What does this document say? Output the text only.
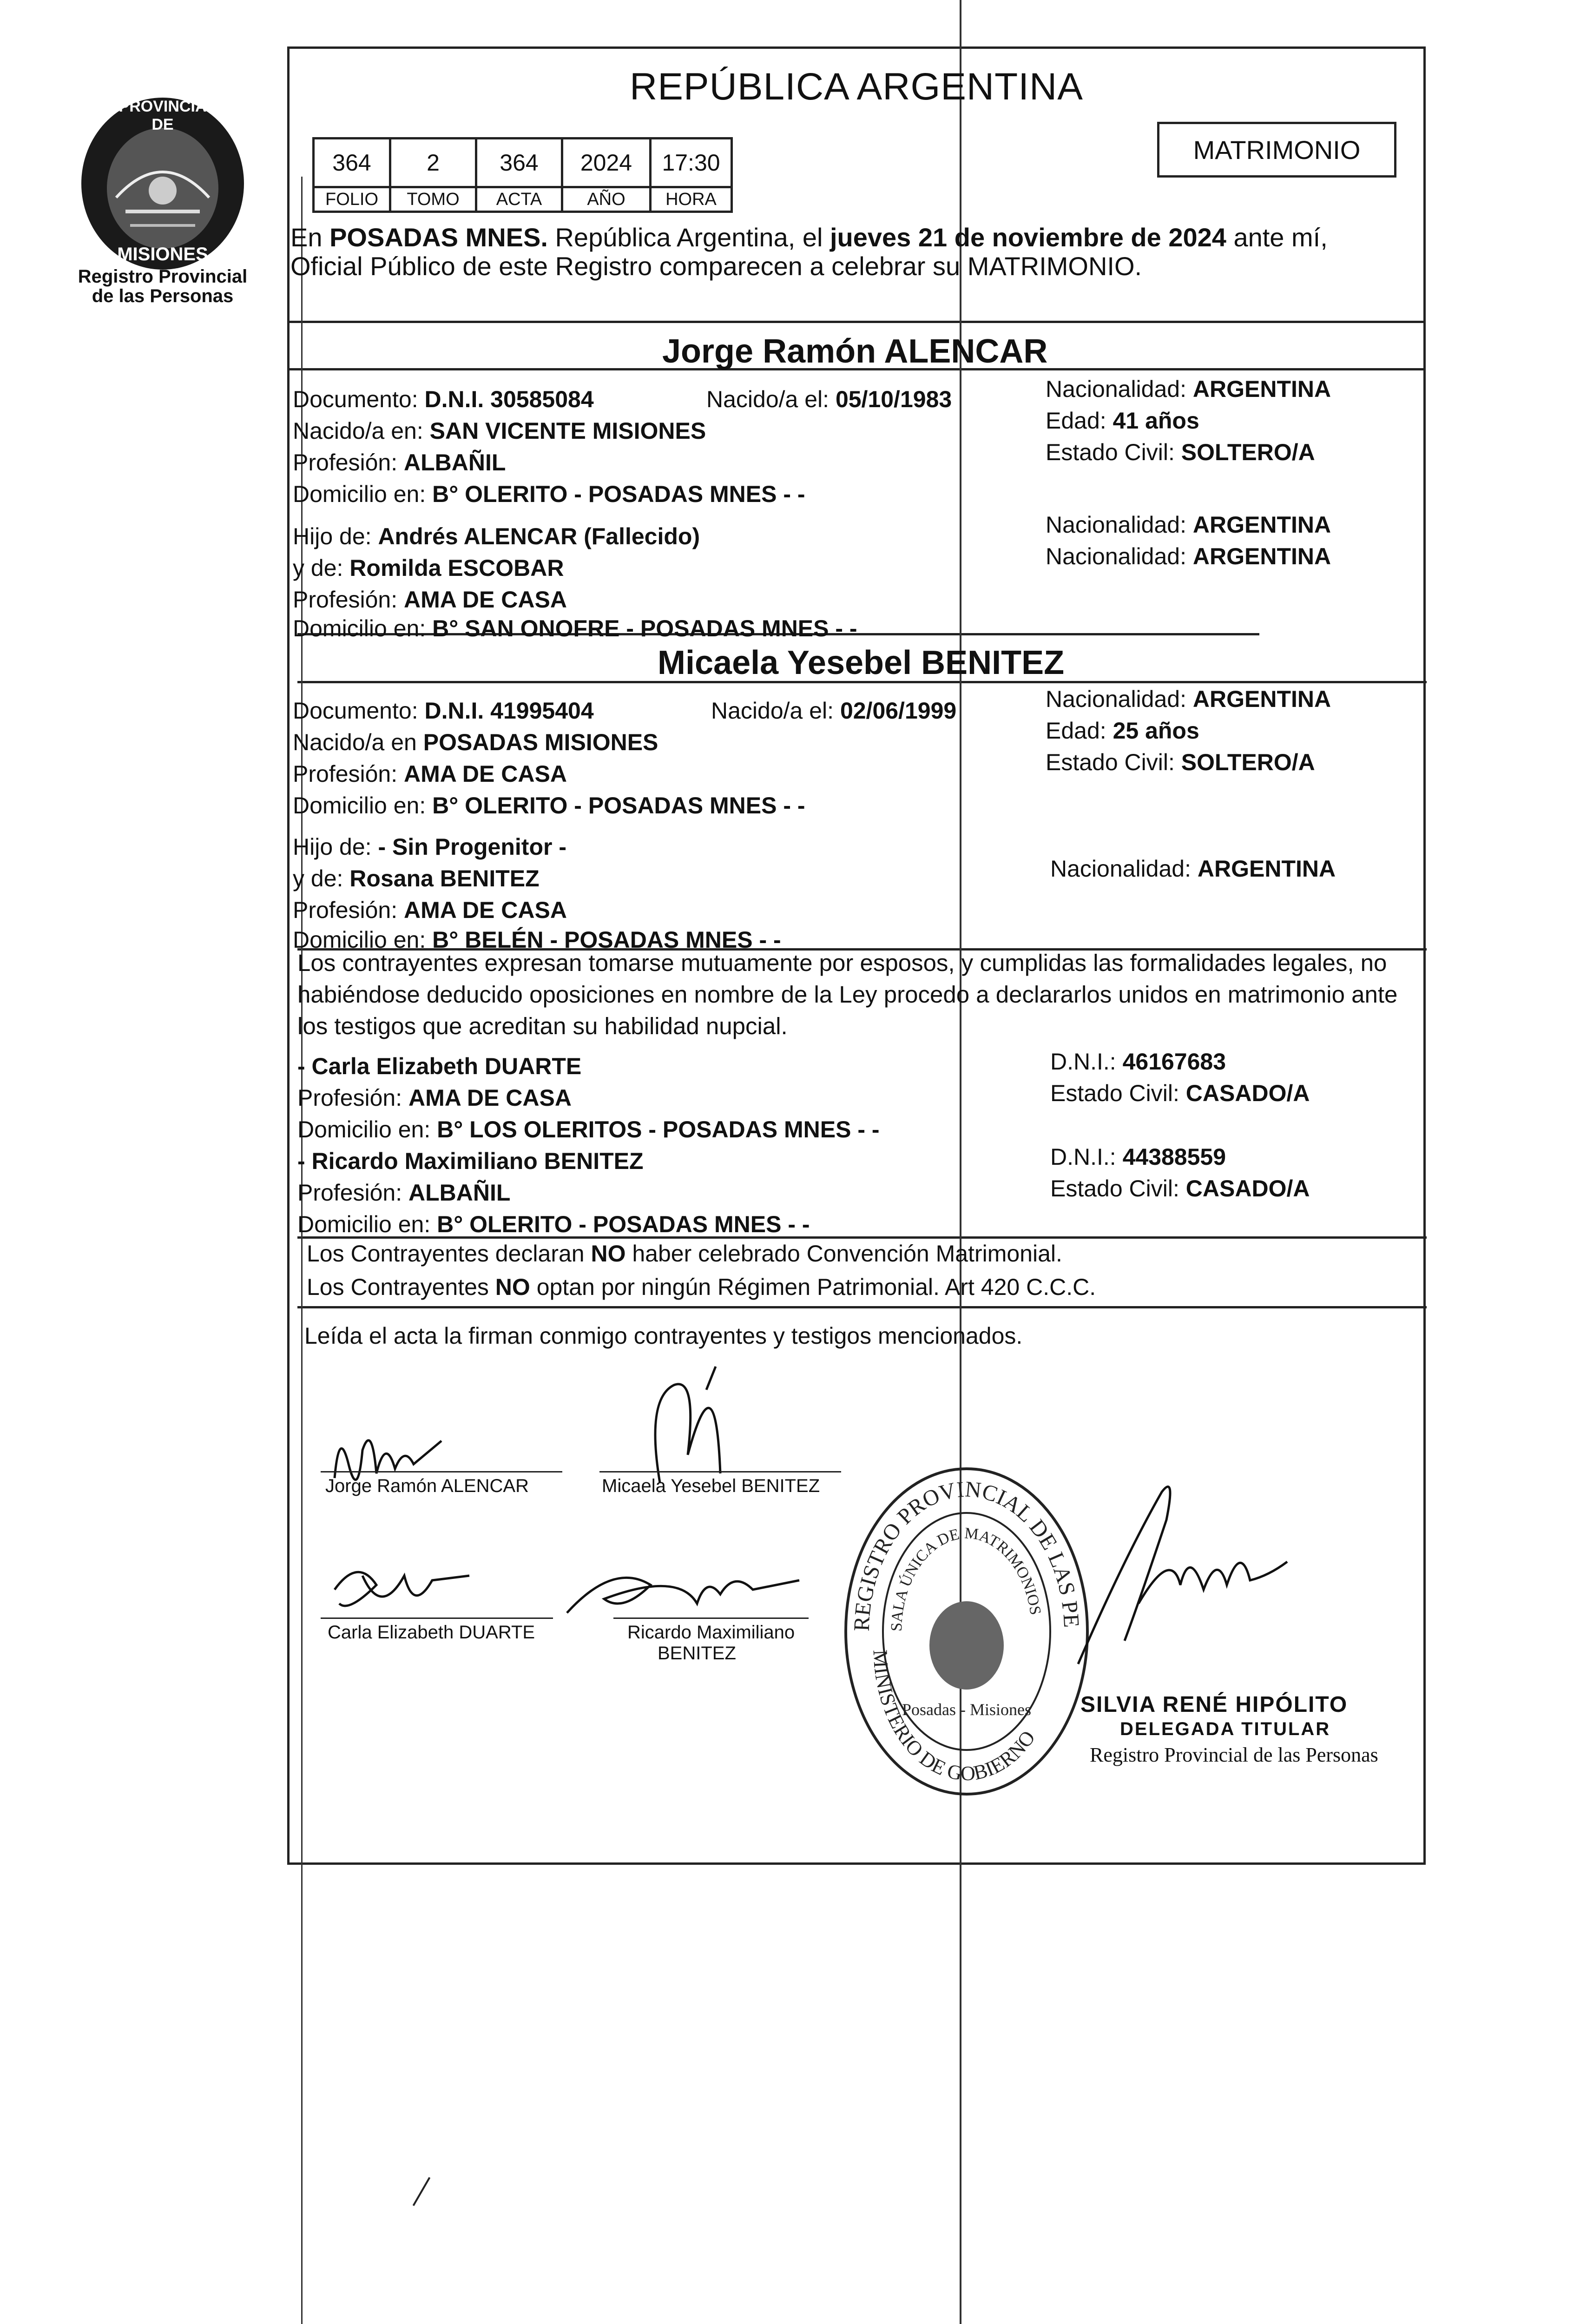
PROVINCIA DE
MISIONES
Registro Provincial
de las Personas
REPÚBLICA ARGENTINA
364	2	364	2024	17:30
FOLIO	TOMO	ACTA	AÑO	HORA
MATRIMONIO
En POSADAS MNES. República Argentina, el jueves 21 de noviembre de 2024 ante mí,
Oficial Público de este Registro comparecen a celebrar su MATRIMONIO.
Jorge Ramón ALENCAR
Documento: D.N.I. 30585084	Nacido/a el: 05/10/1983
Nacido/a en: SAN VICENTE MISIONES
Profesión: ALBAÑIL
Domicilio en: B° OLERITO - POSADAS MNES - -
Nacionalidad: ARGENTINA
Edad: 41 años
Estado Civil: SOLTERO/A
Hijo de: Andrés ALENCAR (Fallecido)
y de: Romilda ESCOBAR
Profesión: AMA DE CASA
Domicilio en: B° SAN ONOFRE - POSADAS MNES - -
Nacionalidad: ARGENTINA
Nacionalidad: ARGENTINA
Micaela Yesebel BENITEZ
Documento: D.N.I. 41995404	Nacido/a el: 02/06/1999
Nacido/a en POSADAS MISIONES
Profesión: AMA DE CASA
Domicilio en: B° OLERITO - POSADAS MNES - -
Nacionalidad: ARGENTINA
Edad: 25 años
Estado Civil: SOLTERO/A
Hijo de: - Sin Progenitor -
y de: Rosana BENITEZ
Profesión: AMA DE CASA
Domicilio en: B° BELÉN - POSADAS MNES - -
Nacionalidad: ARGENTINA
Los contrayentes expresan tomarse mutuamente por esposos, y cumplidas las formalidades legales, no
habiéndose deducido oposiciones en nombre de la Ley procedo a declararlos unidos en matrimonio ante
los testigos que acreditan su habilidad nupcial.
- Carla Elizabeth DUARTE
Profesión: AMA DE CASA
Domicilio en: B° LOS OLERITOS - POSADAS MNES - -
D.N.I.: 46167683
Estado Civil: CASADO/A
- Ricardo Maximiliano BENITEZ
Profesión: ALBAÑIL
Domicilio en: B° OLERITO - POSADAS MNES - -
D.N.I.: 44388559
Estado Civil: CASADO/A
Los Contrayentes declaran NO haber celebrado Convención Matrimonial.
Los Contrayentes NO optan por ningún Régimen Patrimonial. Art 420 C.C.C.
Leída el acta la firman conmigo contrayentes y testigos mencionados.
Jorge Ramón ALENCAR	Micaela Yesebel BENITEZ
Carla Elizabeth DUARTE	Ricardo Maximiliano
BENITEZ
REGISTRO PROVINCIAL DE LAS PE
SALA ÚNICA DE MATRIMONIOS
MINISTERIO DE GOBIERNO
Posadas - Misiones SILVIA RENÉ HIPÓLITO
DELEGADA TITULAR
Registro Provincial de las Personas
